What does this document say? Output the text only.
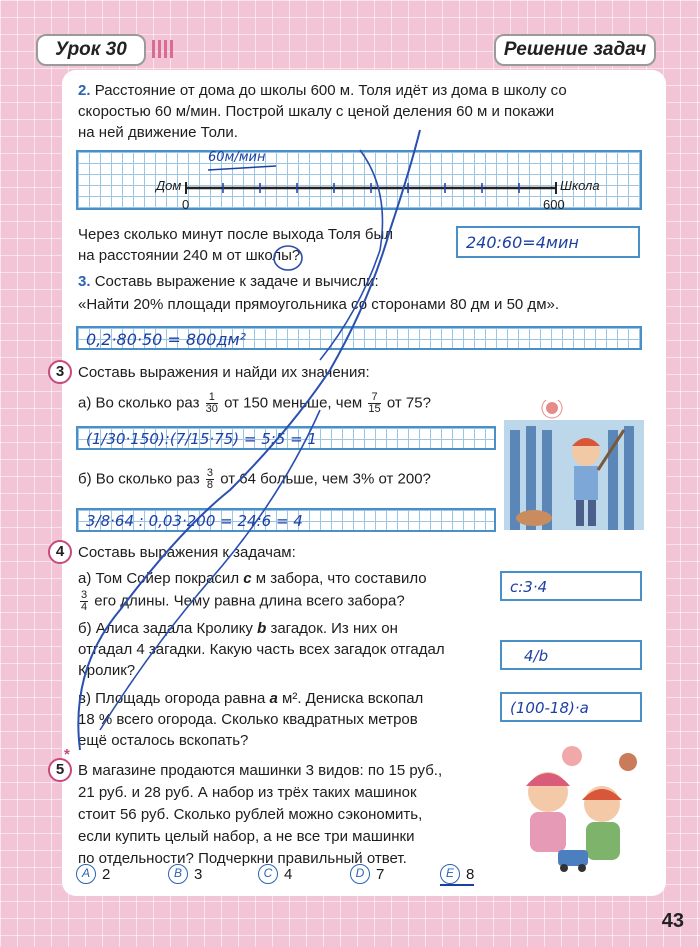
Урок 30	Решение задач
2. Расстояние от дома до школы 600 м. Толя идёт из дома в школу со
скоростью 60 м/мин. Построй шкалу с ценой деления 60 м и покажи
на ней движение Толи.
Дом	Школа
0	600
60м/мин
Через сколько минут после выхода Толя был
на расстоянии 240 м от школы?
240:60=4мин
3. Составь выражение к задаче и вычисли:
«Найти 20% площади прямоугольника со сторонами 80 дм и 50 дм».
0,2·80·50 = 800дм²
3 Составь выражения и найди их значения:
а) Во сколько раз $\frac{1}{30}$ от 150 меньше, чем $\frac{7}{15}$ от 75?
(1/30·150):(7/15·75) = 5:5 = 1
б) Во сколько раз $\frac{3}{8}$ от 64 больше, чем 3% от 200?
3/8·64 : 0,03·200 = 24:6 = 4
4 Составь выражения к задачам:
а) Том Сойер покрасил c м забора, что составило
$\frac{3}{4}$ его длины. Чему равна длина всего забора?
c:3·4
б) Алиса задала Кролику b загадок. Из них он
отгадал 4 загадки. Какую часть всех загадок отгадал
Кролик?
4/b
в) Площадь огорода равна a м². Дениска вскопал
18 % всего огорода. Сколько квадратных метров
ещё осталось вскопать?
(100-18)·a
5
*
В магазине продаются машинки 3 видов: по 15 руб.,
21 руб. и 28 руб. А набор из трёх таких машинок
стоит 56 руб. Сколько рублей можно сэкономить,
если купить целый набор, а не все три машинки
по отдельности? Подчеркни правильный ответ.
A 2	B 3	C 4	D 7	E 8
43
